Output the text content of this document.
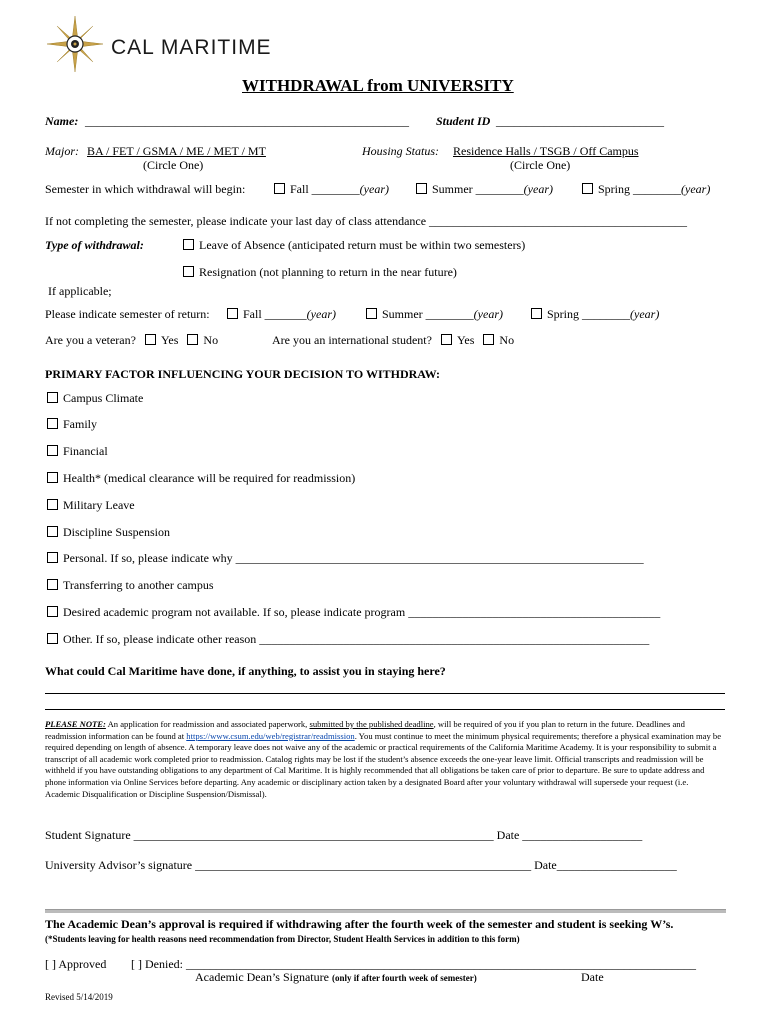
CAL MARITIME
WITHDRAWAL from UNIVERSITY
Name: ______________________________________________________ Student ID ____________________________
Major: BA / FET / GSMA / ME / MET / MT
(Circle One)
Housing Status: Residence Halls / TSGB / Off Campus
(Circle One)
Semester in which withdrawal will begin:	Fall ________(year)	Summer ________(year)	Spring ________(year)
If not completing the semester, please indicate your last day of class attendance ___________________________________________
Type of withdrawal:	Leave of Absence (anticipated return must be within two semesters)
Resignation (not planning to return in the near future)
If applicable;
Please indicate semester of return:	Fall _______(year)	Summer ________(year)	Spring ________(year)
Are you a veteran? Yes No	Are you an international student? Yes No
PRIMARY FACTOR INFLUENCING YOUR DECISION TO WITHDRAW:
Campus Climate
Family
Financial
Health* (medical clearance will be required for readmission)
Military Leave
Discipline Suspension
Personal. If so, please indicate why ____________________________________________________________________
Transferring to another campus
Desired academic program not available. If so, please indicate program __________________________________________
Other. If so, please indicate other reason _________________________________________________________________
What could Cal Maritime have done, if anything, to assist you in staying here?
PLEASE NOTE: An application for readmission and associated paperwork, submitted by the published deadline, will be required of you if you plan to return in the future. Deadlines and readmission information can be found at https://www.csum.edu/web/registrar/readmission. You must continue to meet the minimum physical requirements; therefore a physical examination may be required depending on length of absence. A temporary leave does not waive any of the academic or practical requirements of the California Maritime Academy. It is your responsibility to submit a transcript of all academic work completed prior to readmission. Catalog rights may be lost if the student’s absence exceeds the one-year leave limit. Official transcripts and readmission will be withheld if you have outstanding obligations to any department of Cal Maritime. It is highly recommended that all obligations be taken care of prior to departure. Be sure to update address and phone information via Online Services before departing. Any academic or disciplinary action taken by a designated Board after your voluntary withdrawal will supersede your request (i.e. Academic Disqualification or Discipline Suspension/Dismissal).
Student Signature ____________________________________________________________ Date ____________________
University Advisor’s signature ________________________________________________________ Date____________________
The Academic Dean’s approval is required if withdrawing after the fourth week of the semester and student is seeking W’s.
(*Students leaving for health reasons need recommendation from Director, Student Health Services in addition to this form)
[ ] Approved [ ] Denied: _____________________________________________________________________________________
Academic Dean’s Signature (only if after fourth week of semester)	Date
Revised 5/14/2019
